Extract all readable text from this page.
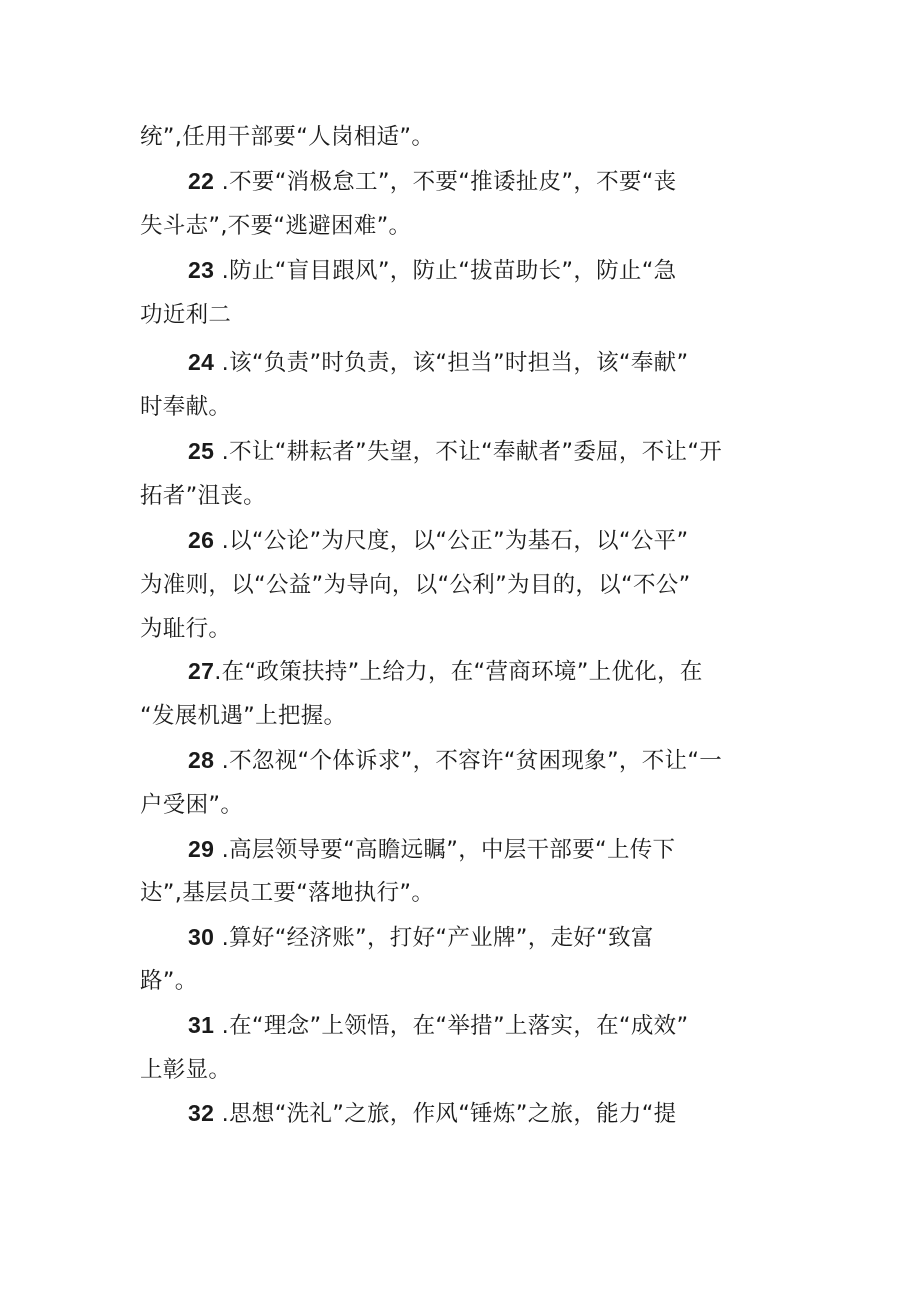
统”,任用干部要“人岗相适”。
22 .不要“消极怠工”，不要“推诿扯皮”，不要“丧
失斗志”,不要“逃避困难”。
23 .防止“盲目跟风”，防止“拔苗助长”，防止“急
功近利二
24 .该“负责”时负责，该“担当”时担当，该“奉献”
时奉献。
25 .不让“耕耘者”失望，不让“奉献者”委屈，不让“开
拓者”沮丧。
26 .以“公论”为尺度，以“公正”为基石，以“公平”
为准则，以“公益”为导向，以“公利”为目的，以“不公”
为耻行。
27.在“政策扶持”上给力，在“营商环境”上优化，在
“发展机遇”上把握。
28 .不忽视“个体诉求”，不容许“贫困现象”，不让“一
户受困”。
29 .高层领导要“高瞻远瞩”，中层干部要“上传下
达”,基层员工要“落地执行”。
30 .算好“经济账”，打好“产业牌”，走好“致富
路”。
31 .在“理念”上领悟，在“举措”上落实，在“成效”
上彰显。
32 .思想“洗礼”之旅，作风“锤炼”之旅，能力“提
